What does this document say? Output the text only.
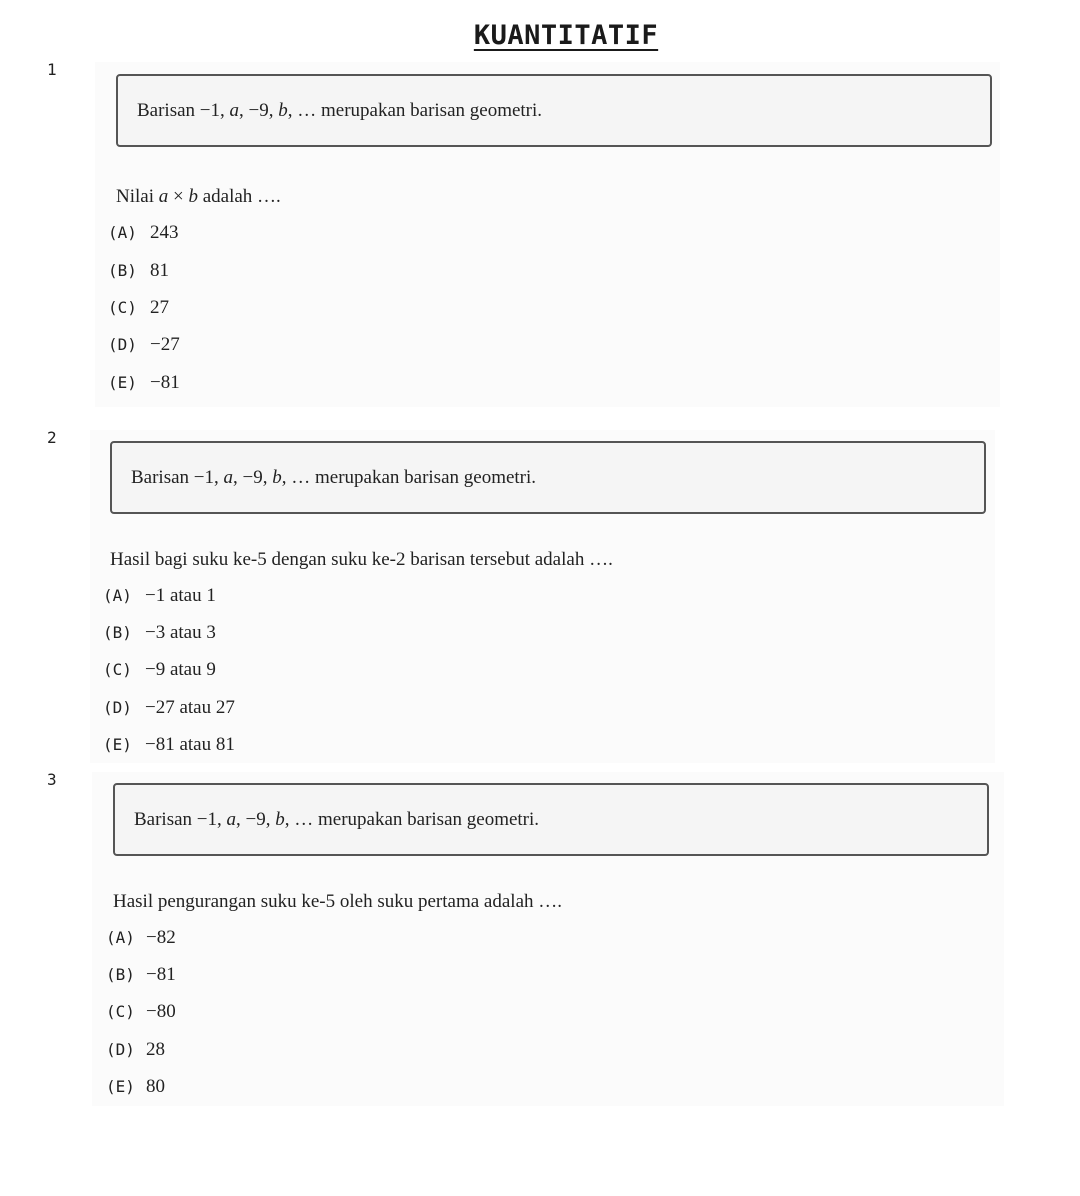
KUANTITATIF
1
Barisan −1, a, −9, b, … merupakan barisan geometri.
Nilai a × b adalah ….
(A) 243
(B) 81
(C) 27
(D) −27
(E) −81
2
Barisan −1, a, −9, b, … merupakan barisan geometri.
Hasil bagi suku ke-5 dengan suku ke-2 barisan tersebut adalah ….
(A) −1 atau 1
(B) −3 atau 3
(C) −9 atau 9
(D) −27 atau 27
(E) −81 atau 81
3
Barisan −1, a, −9, b, … merupakan barisan geometri.
Hasil pengurangan suku ke-5 oleh suku pertama adalah ….
(A) −82
(B) −81
(C) −80
(D) 28
(E) 80
